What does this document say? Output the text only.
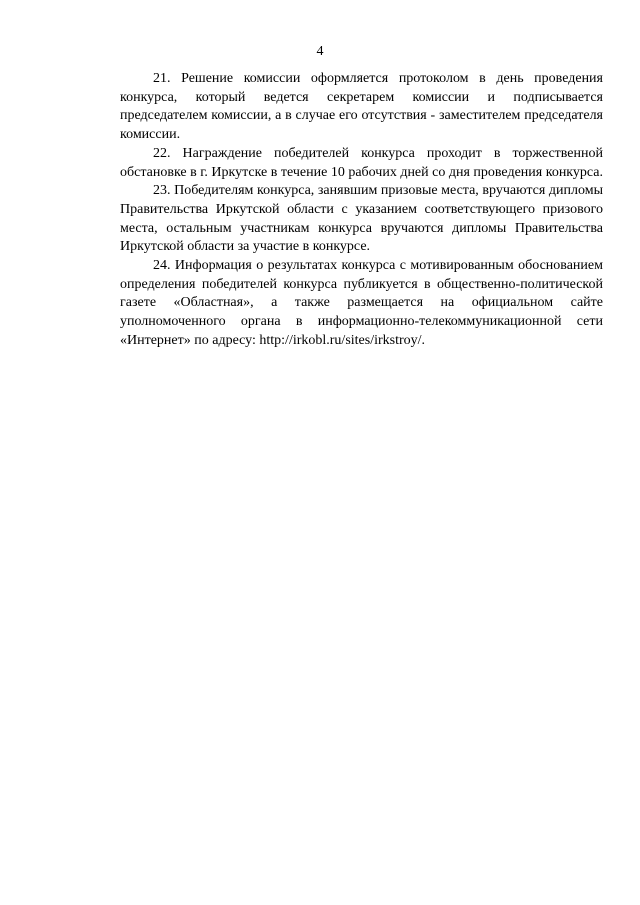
4

21. Решение комиссии оформляется протоколом в день проведения конкурса, который ведется секретарем комиссии и подписывается председателем комиссии, а в случае его отсутствия - заместителем председателя комиссии.

22. Награждение победителей конкурса проходит в торжественной обстановке в г. Иркутске в течение 10 рабочих дней со дня проведения конкурса.

23. Победителям конкурса, занявшим призовые места, вручаются дипломы Правительства Иркутской области с указанием соответствующего призового места, остальным участникам конкурса вручаются дипломы Правительства Иркутской области за участие в конкурсе.

24. Информация о результатах конкурса с мотивированным обоснованием определения победителей конкурса публикуется в общественно-политической газете «Областная», а также размещается на официальном сайте уполномоченного органа в информационно-телекоммуникационной сети «Интернет» по адресу: http://irkobl.ru/sites/irkstroy/.
